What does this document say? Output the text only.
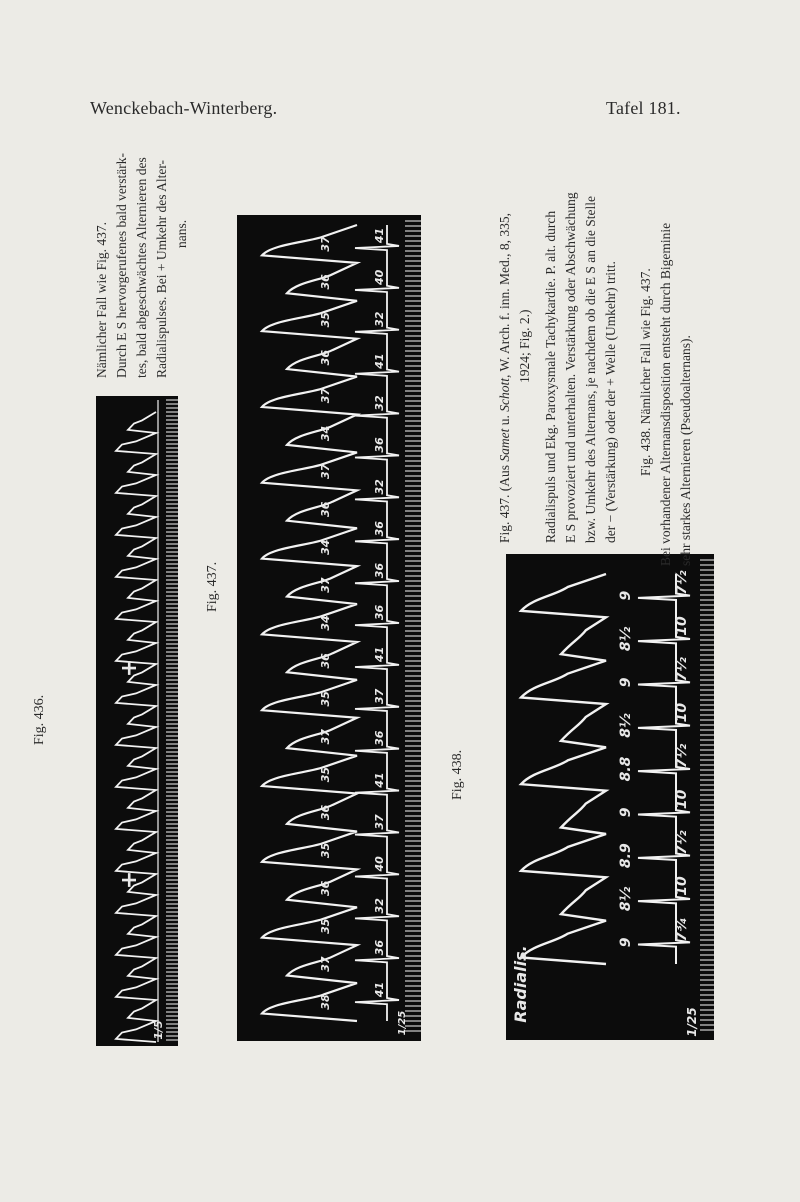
Wenckebach-Winterberg.	Tafel 181.
Fig. 436.
+
+
1/5
Nämlicher Fall wie Fig. 437. Durch E S hervorgerufenes bald verstärk- tes, bald abgeschwächtes Alternieren des Radialispulses. Bei + Umkehr des Alter- nans.
Fig. 437.
38
37
35
36
35
36
35
37
35
36
34
37
34
36
37
34
37
36
35
36
37
41
36
32
40
37
41
36
37
41
36
36
36
32
36
32
41
32
40
41
1/25
Fig. 437. (Aus Samet u. Schott, W. Arch. f. inn. Med., 8, 335, 1924; Fig. 2.) Radialispuls und Ekg. Paroxysmale Tachykardie. P. alt. durch E S provoziert und unterhalten. Verstärkung oder Abschwächung bzw. Umkehr des Alternans, je nachdem ob die E S an die Stelle der − (Verstärkung) oder der + Welle (Umkehr) tritt.
Fig. 438.
Radialis.
9
8½
8.9
9
8.8
8½
9
8½
9
7¾
10
7½
10
7½
10
7½
10
7½
1/25
Fig. 438. Nämlicher Fall wie Fig. 437. Bei vorhandener Alternansdisposition entsteht durch Bigeminie sehr starkes Alternieren (Pseudoalternans).
